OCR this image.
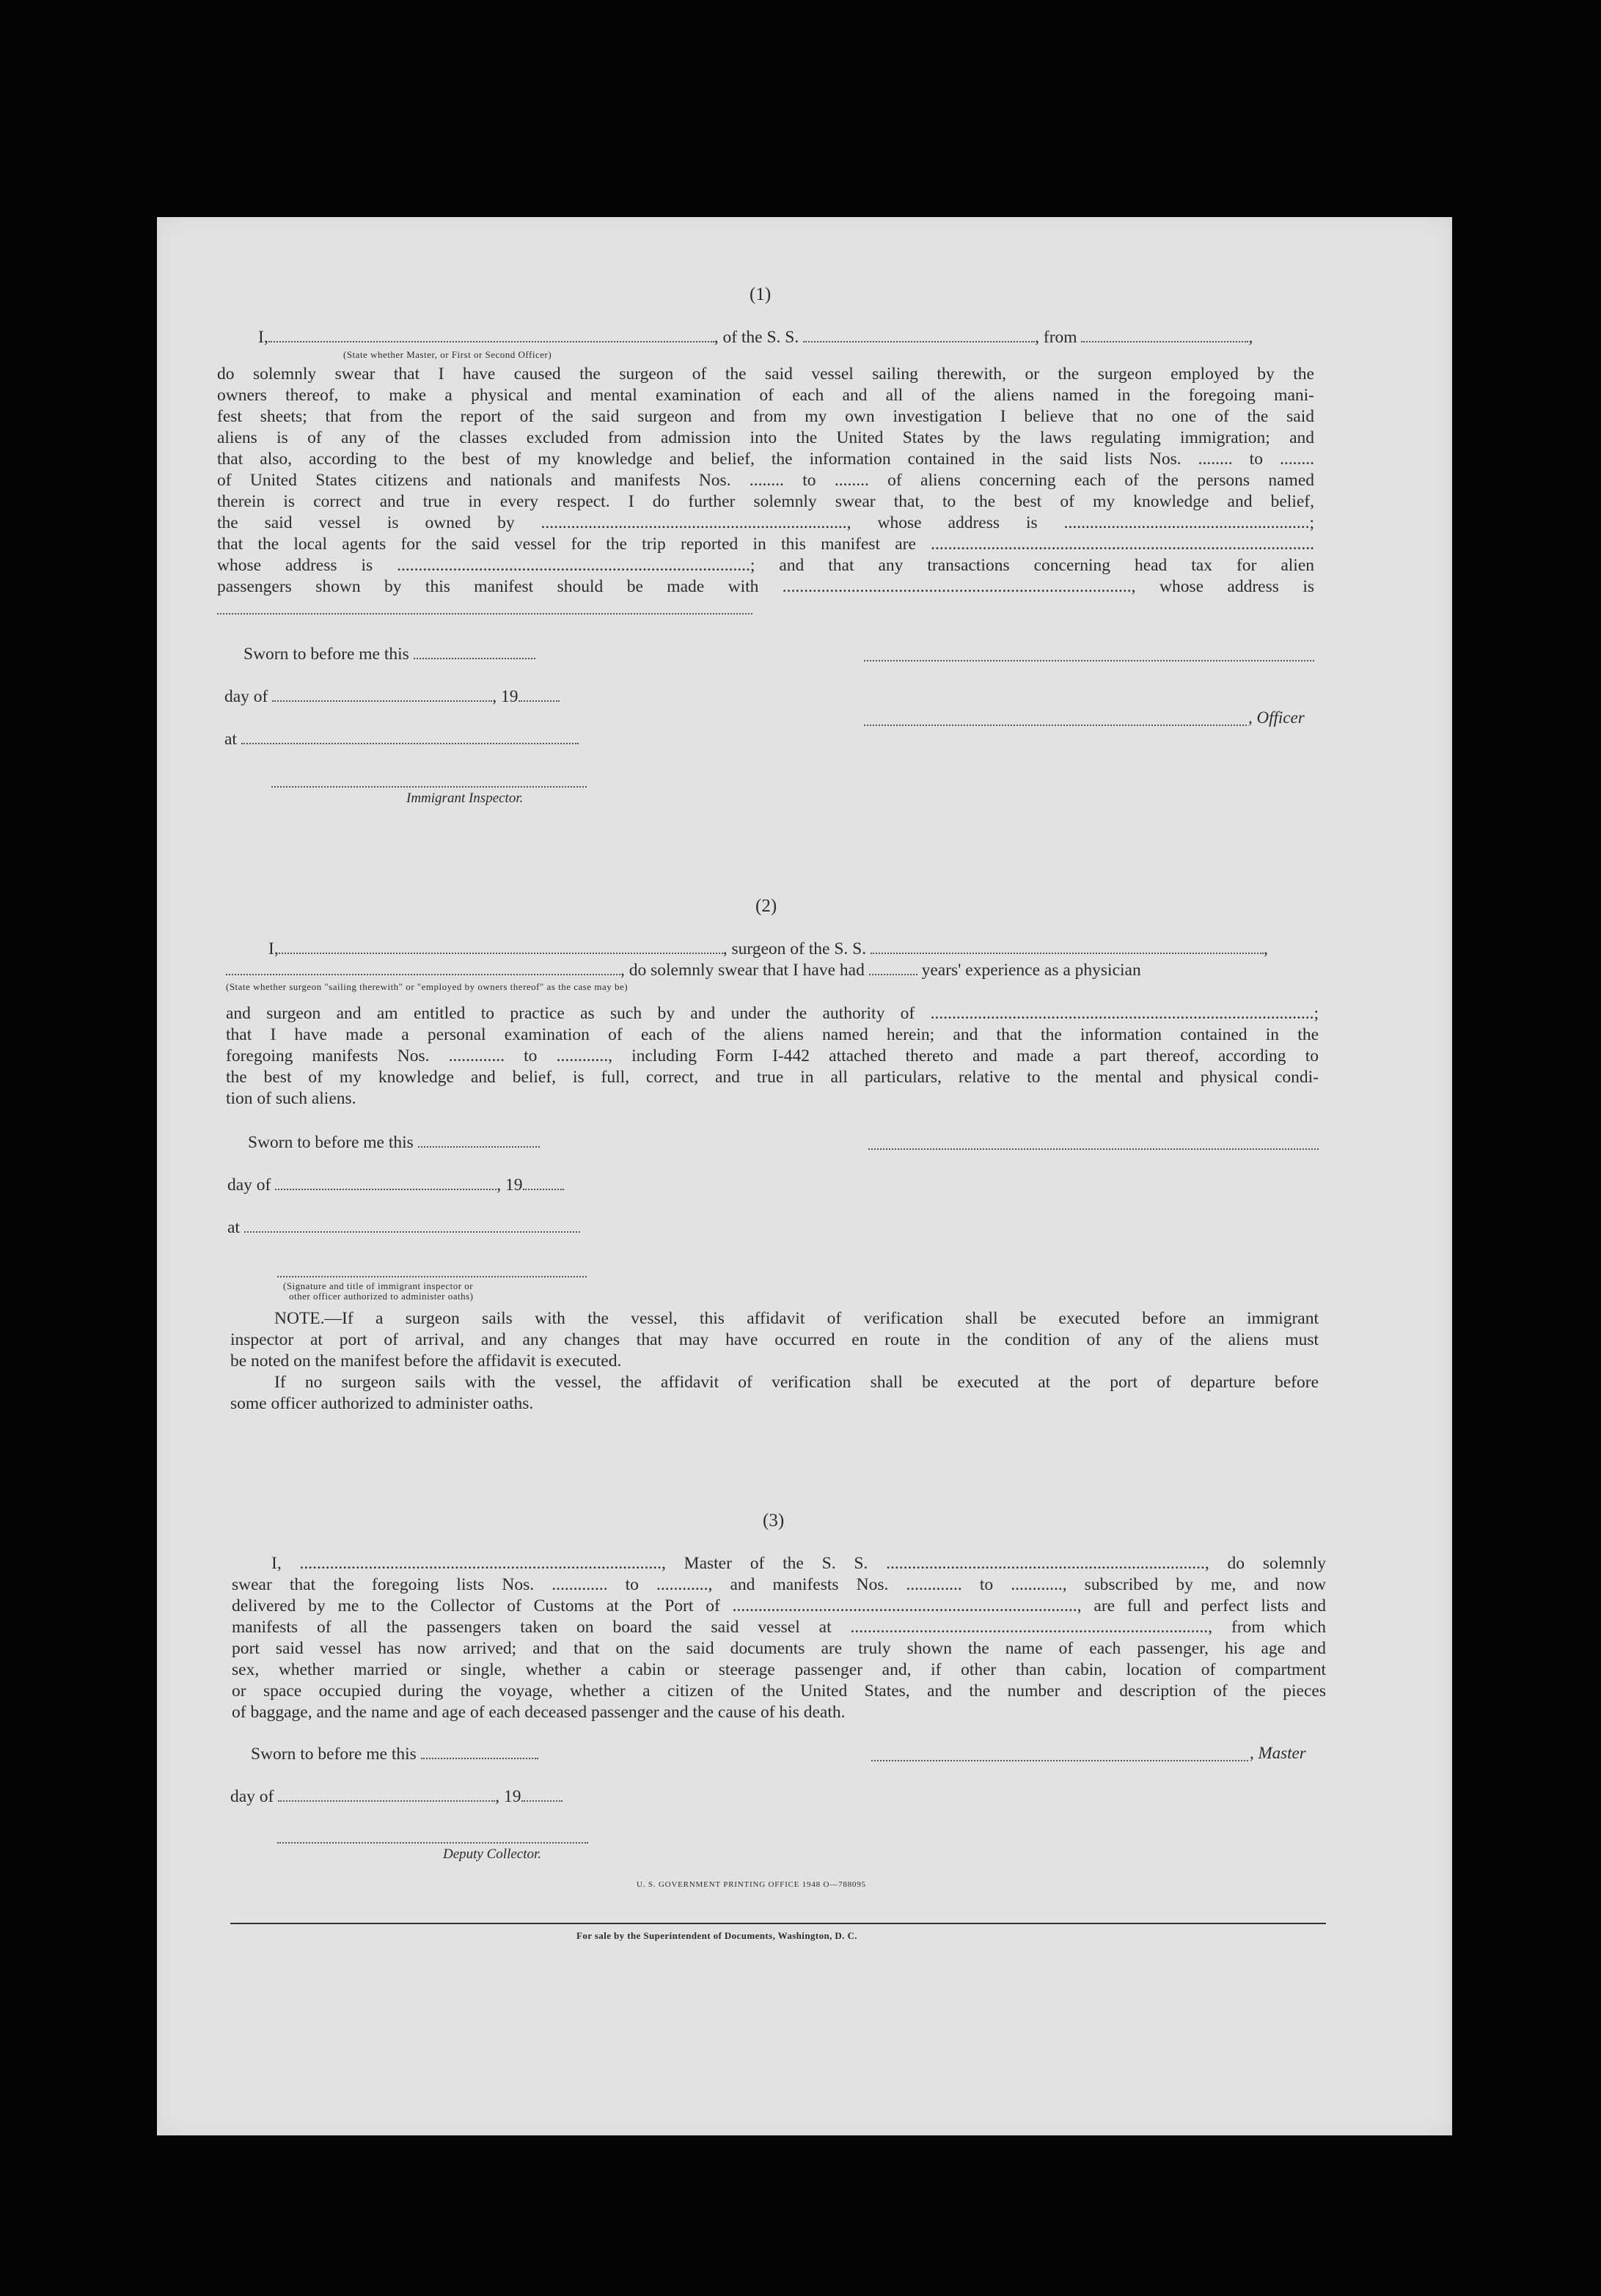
(1)
I,	, of the S. S.	, from	,
(State whether Master, or First or Second Officer)
do solemnly swear that I have caused the surgeon of the said vessel sailing therewith, or the surgeon employed by the
owners thereof, to make a physical and mental examination of each and all of the aliens named in the foregoing mani-
fest sheets; that from the report of the said surgeon and from my own investigation I believe that no one of the said
aliens is of any of the classes excluded from admission into the United States by the laws regulating immigration; and
that also, according to the best of my knowledge and belief, the information contained in the said lists Nos. ........ to ........
of United States citizens and nationals and manifests Nos. ........ to ........ of aliens concerning each of the persons named
therein is correct and true in every respect. I do further solemnly swear that, to the best of my knowledge and belief,
the said vessel is owned by ......................................................................., whose address is .........................................................;
that the local agents for the said vessel for the trip reported in this manifest are .........................................................................................
whose address is ..................................................................................; and that any transactions concerning head tax for alien
passengers shown by this manifest should be made with ................................................................................., whose address is
Sworn to before me this
day of	, 19
at
Immigrant Inspector.
, Officer
(2)
I,	, surgeon of the S. S.	,
, do solemnly swear that I have had	years' experience as a physician
(State whether surgeon "sailing therewith" or "employed by owners thereof" as the case may be)
and surgeon and am entitled to practice as such by and under the authority of .........................................................................................;
that I have made a personal examination of each of the aliens named herein; and that the information contained in the
foregoing manifests Nos. ............. to ............, including Form I-442 attached thereto and made a part thereof, according to
the best of my knowledge and belief, is full, correct, and true in all particulars, relative to the mental and physical condi-
tion of such aliens.
Sworn to before me this
day of	, 19
at
(Signature and title of immigrant inspector or
other officer authorized to administer oaths)
NOTE.—If a surgeon sails with the vessel, this affidavit of verification shall be executed before an immigrant
inspector at port of arrival, and any changes that may have occurred en route in the condition of any of the aliens must
be noted on the manifest before the affidavit is executed.
If no surgeon sails with the vessel, the affidavit of verification shall be executed at the port of departure before
some officer authorized to administer oaths.
(3)
I, ...................................................................................., Master of the S. S. .........................................................................., do solemnly
swear that the foregoing lists Nos. ............. to ............, and manifests Nos. ............. to ............, subscribed by me, and now
delivered by me to the Collector of Customs at the Port of ................................................................................, are full and perfect lists and
manifests of all the passengers taken on board the said vessel at ..................................................................................., from which
port said vessel has now arrived; and that on the said documents are truly shown the name of each passenger, his age and
sex, whether married or single, whether a cabin or steerage passenger and, if other than cabin, location of compartment
or space occupied during the voyage, whether a citizen of the United States, and the number and description of the pieces
of baggage, and the name and age of each deceased passenger and the cause of his death.
Sworn to before me this
day of	, 19
Deputy Collector.
, Master
U. S. GOVERNMENT PRINTING OFFICE 1948 O—788095
For sale by the Superintendent of Documents, Washington, D. C.
